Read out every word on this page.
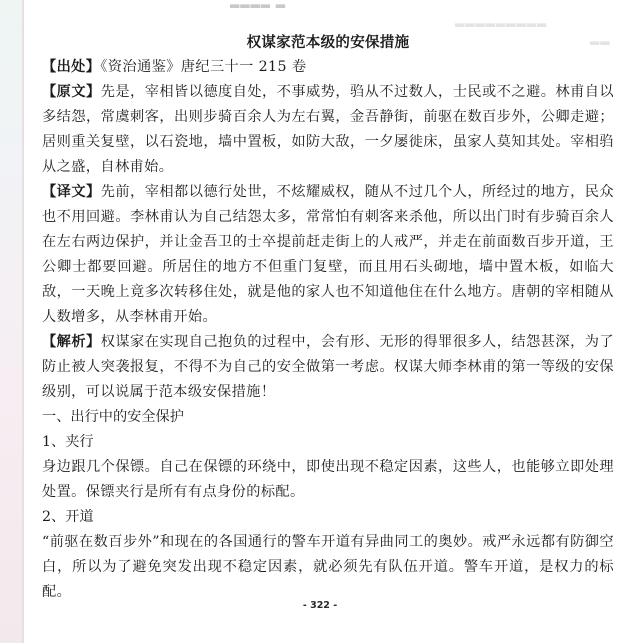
▂▂▂▂ ▂
▂▂▂▂▂▂▂▂▂
▂▂
权谋家范本级的安保措施

【出处】《资治通鉴》唐纪三十一 215 卷

【原文】先是，宰相皆以德度自处，不事威势，驺从不过数人，士民或不之避。林甫自以多结怨，常虞刺客，出则步骑百余人为左右翼，金吾静街，前驱在数百步外，公卿走避；居则重关复壁，以石瓷地，墙中置板，如防大敌，一夕屡徙床，虽家人莫知其处。宰相驺从之盛，自林甫始。

【译文】先前，宰相都以德行处世，不炫耀威权，随从不过几个人，所经过的地方，民众也不用回避。李林甫认为自己结怨太多，常常怕有刺客来杀他，所以出门时有步骑百余人在左右两边保护，并让金吾卫的士卒提前赶走街上的人戒严，并走在前面数百步开道，王公卿士都要回避。所居住的地方不但重门复壁，而且用石头砌地，墙中置木板，如临大敌，一天晚上竟多次转移住处，就是他的家人也不知道他住在什么地方。唐朝的宰相随从人数增多，从李林甫开始。

【解析】权谋家在实现自己抱负的过程中，会有形、无形的得罪很多人，结怨甚深，为了防止被人突袭报复，不得不为自己的安全做第一考虑。权谋大师李林甫的第一等级的安保级别，可以说属于范本级安保措施！

一、出行中的安全保护

1、夹行

身边跟几个保镖。自己在保镖的环绕中，即使出现不稳定因素，这些人，也能够立即处理处置。保镖夹行是所有有点身份的标配。

2、开道

“前驱在数百步外”和现在的各国通行的警车开道有异曲同工的奥妙。戒严永远都有防御空白，所以为了避免突发出现不稳定因素，就必须先有队伍开道。警车开道，是权力的标配。

- 322 -
